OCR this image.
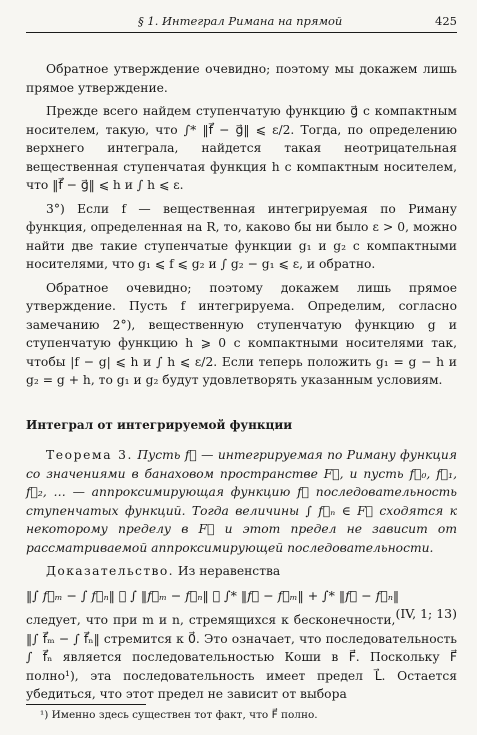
§ 1. Интеграл Римана на прямой	425

Обратное утверждение очевидно; поэтому мы докажем лишь прямое утверждение.

Прежде всего найдем ступенчатую функцию g⃗ с компактным носителем, такую, что ∫* ‖f⃗ − g⃗‖ ⩽ ε/2. Тогда, по определению верхнего интеграла, найдется такая неотрицательная вещественная ступенчатая функция h с компактным носителем, что ‖f⃗ − g⃗‖ ⩽ h и ∫ h ⩽ ε.

3°) Если f — вещественная интегрируемая по Риману функция, определенная на R, то, каково бы ни было ε > 0, можно найти две такие ступенчатые функции g₁ и g₂ с компактными носителями, что g₁ ⩽ f ⩽ g₂ и ∫ g₂ − g₁ ⩽ ε, и обратно.

Обратное очевидно; поэтому докажем лишь прямое утверждение. Пусть f интегрируема. Определим, согласно замечанию 2°), вещественную ступенчатую функцию g и ступенчатую функцию h ⩾ 0 с компактными носителями так, чтобы |f − g| ⩽ h и ∫ h ⩽ ε/2. Если теперь положить g₁ = g − h и g₂ = g + h, то g₁ и g₂ будут удовлетворять указанным условиям.

Интеграл от интегрируемой функции

Теорема 3. Пусть f⃗ — интегрируемая по Риману функция со значениями в банаховом пространстве F⃗, и пусть f⃗₀, f⃗₁, f⃗₂, … — аппроксимирующая функцию f⃗ последовательность ступенчатых функций. Тогда величины ∫ f⃗ₙ ∈ F⃗ сходятся к некоторому пределу в F⃗ и этот предел не зависит от рассматриваемой аппроксимирующей последовательности.

Доказательство. Из неравенства

‖∫ f⃗ₘ − ∫ f⃗ₙ‖ ⩽ ∫ ‖f⃗ₘ − f⃗ₙ‖ ⩽ ∫* ‖f⃗ − f⃗ₘ‖ + ∫* ‖f⃗ − f⃗ₙ‖
(IV, 1; 13)

следует, что при m и n, стремящихся к бесконечности, ‖∫ f⃗ₘ − ∫ f⃗ₙ‖ стремится к 0⃗. Это означает, что последовательность ∫ f⃗ₙ является последовательностью Коши в F⃗. Поскольку F⃗ полно¹), эта последовательность имеет предел L⃗. Остается убедиться, что этот предел не зависит от выбора

¹) Именно здесь существен тот факт, что F⃗ полно.
